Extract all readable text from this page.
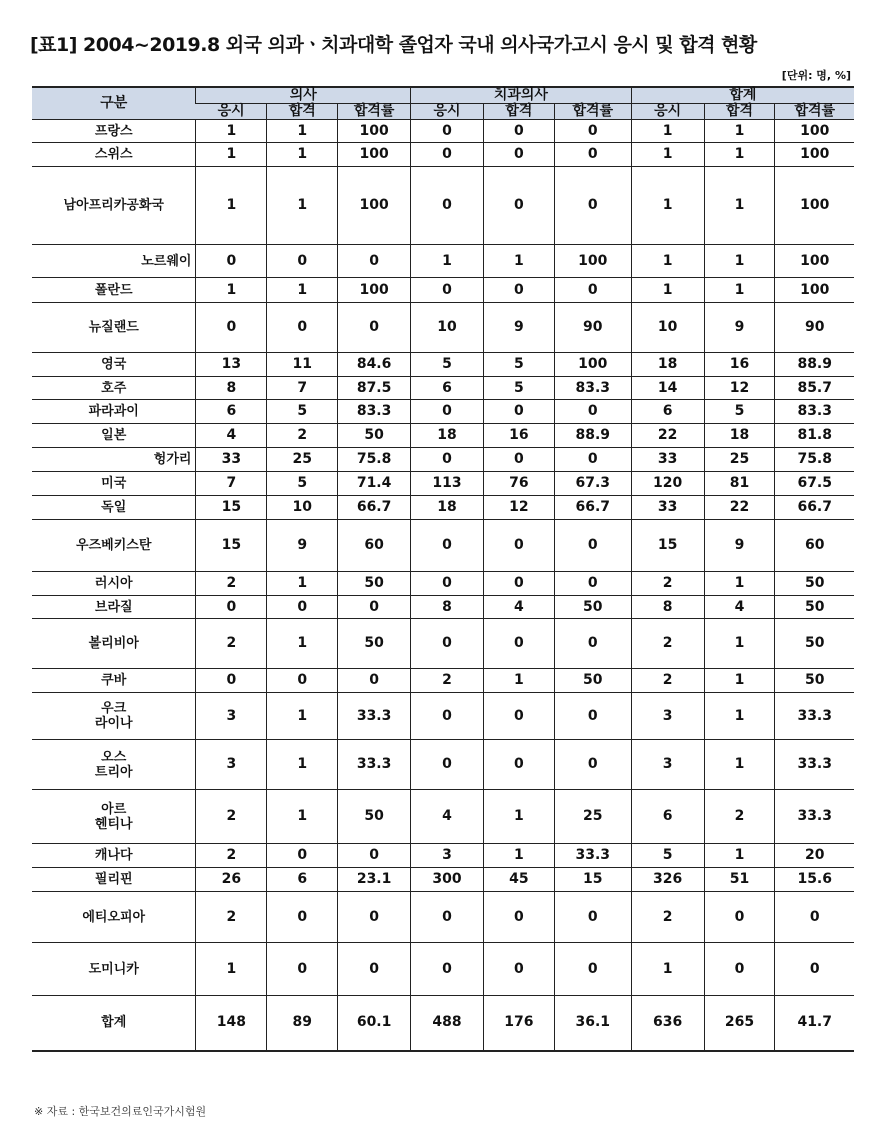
[표1] 2004~2019.8 외국 의과ㆍ치과대학 졸업자 국내 의사국가고시 응시 및 합격 현황
[단위: 명, %]
구분	의사			치과의사			합계		
	응시	합격	합격률	응시	합격	합격률	응시	합격	합격률
프랑스	1	1	100	0	0	0	1	1	100
스위스	1	1	100	0	0	0	1	1	100
남아프리카공화국	1	1	100	0	0	0	1	1	100
노르웨이	0	0	0	1	1	100	1	1	100
폴란드	1	1	100	0	0	0	1	1	100
뉴질랜드	0	0	0	10	9	90	10	9	90
영국	13	11	84.6	5	5	100	18	16	88.9
호주	8	7	87.5	6	5	83.3	14	12	85.7
파라과이	6	5	83.3	0	0	0	6	5	83.3
일본	4	2	50	18	16	88.9	22	18	81.8
헝가리	33	25	75.8	0	0	0	33	25	75.8
미국	7	5	71.4	113	76	67.3	120	81	67.5
독일	15	10	66.7	18	12	66.7	33	22	66.7
우즈베키스탄	15	9	60	0	0	0	15	9	60
러시아	2	1	50	0	0	0	2	1	50
브라질	0	0	0	8	4	50	8	4	50
볼리비아	2	1	50	0	0	0	2	1	50
쿠바	0	0	0	2	1	50	2	1	50
우크
라이나	3	1	33.3	0	0	0	3	1	33.3
오스
트리아	3	1	33.3	0	0	0	3	1	33.3
아르
헨티나	2	1	50	4	1	25	6	2	33.3
캐나다	2	0	0	3	1	33.3	5	1	20
필리핀	26	6	23.1	300	45	15	326	51	15.6
에티오피아	2	0	0	0	0	0	2	0	0
도미니카	1	0	0	0	0	0	1	0	0
합계	148	89	60.1	488	176	36.1	636	265	41.7
※ 자료 : 한국보건의료인국가시험원
